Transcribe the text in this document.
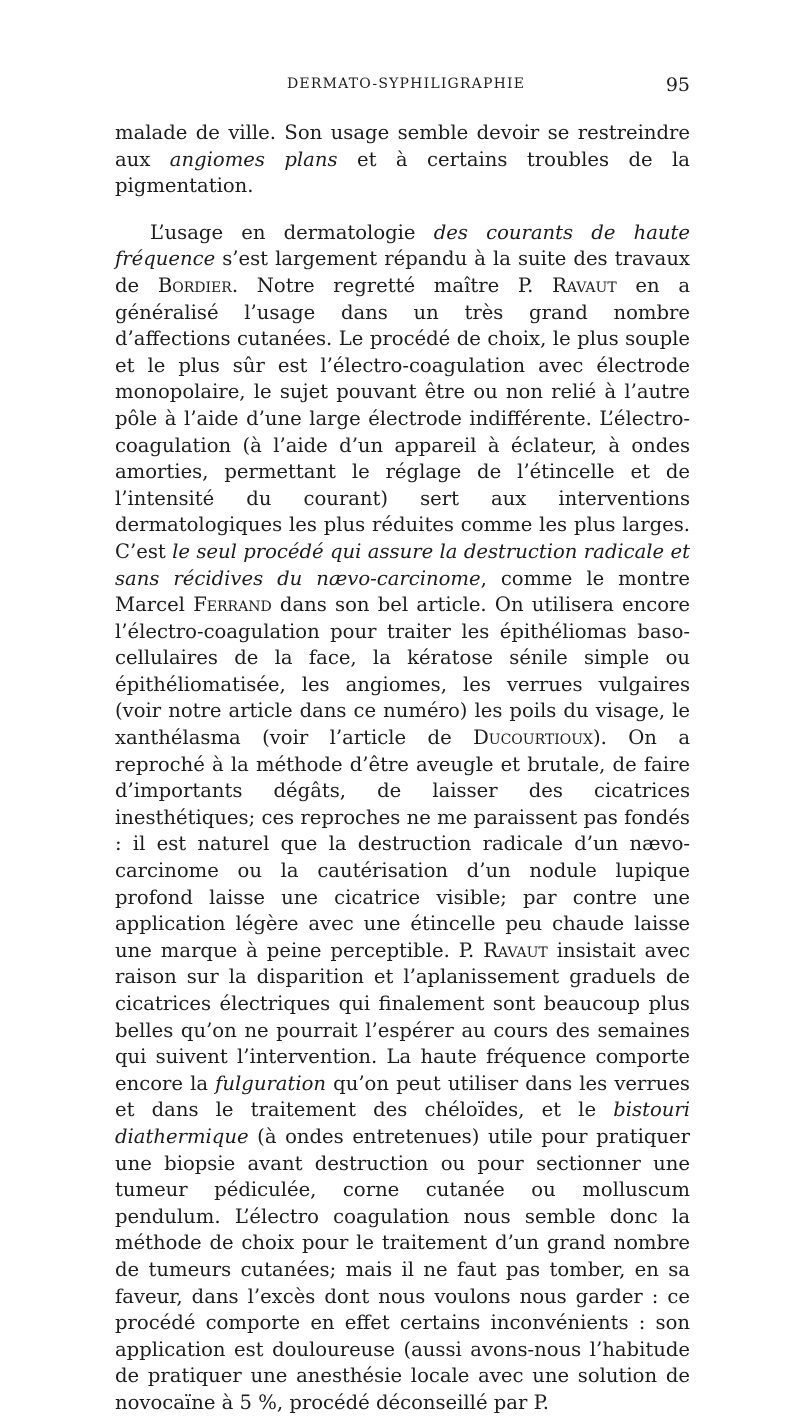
DERMATO-SYPHILIGRAPHIE	95

malade de ville. Son usage semble devoir se restreindre aux angiomes plans et à certains troubles de la pigmentation.

L’usage en dermatologie des courants de haute fréquence s’est largement répandu à la suite des travaux de Bordier. Notre regretté maître P. Ravaut en a généralisé l’usage dans un très grand nombre d’affections cutanées. Le procédé de choix, le plus souple et le plus sûr est l’électro-coagulation avec électrode monopolaire, le sujet pouvant être ou non relié à l’autre pôle à l’aide d’une large électrode indifférente. L’électro-coagulation (à l’aide d’un appareil à éclateur, à ondes amorties, permettant le réglage de l’étincelle et de l’intensité du courant) sert aux interventions dermatologiques les plus réduites comme les plus larges. C’est le seul procédé qui assure la destruction radicale et sans récidives du nævo-carcinome, comme le montre Marcel Ferrand dans son bel article. On utilisera encore l’électro-coagulation pour traiter les épithéliomas baso-cellulaires de la face, la kératose sénile simple ou épithéliomatisée, les angiomes, les verrues vulgaires (voir notre article dans ce numéro) les poils du visage, le xanthélasma (voir l’article de Ducourtioux). On a reproché à la méthode d’être aveugle et brutale, de faire d’importants dégâts, de laisser des cicatrices inesthétiques; ces reproches ne me paraissent pas fondés : il est naturel que la destruction radicale d’un nævo-carcinome ou la cautérisation d’un nodule lupique profond laisse une cicatrice visible; par contre une application légère avec une étincelle peu chaude laisse une marque à peine perceptible. P. Ravaut insistait avec raison sur la disparition et l’aplanissement graduels de cicatrices électriques qui finalement sont beaucoup plus belles qu’on ne pourrait l’espérer au cours des semaines qui suivent l’intervention. La haute fréquence comporte encore la fulguration qu’on peut utiliser dans les verrues et dans le traitement des chéloïdes, et le bistouri diathermique (à ondes entretenues) utile pour pratiquer une biopsie avant destruction ou pour sectionner une tumeur pédiculée, corne cutanée ou molluscum pendulum. L’électro coagulation nous semble donc la méthode de choix pour le traitement d’un grand nombre de tumeurs cutanées; mais il ne faut pas tomber, en sa faveur, dans l’excès dont nous voulons nous garder : ce procédé comporte en effet certains inconvénients : son application est douloureuse (aussi avons-nous l’habitude de pratiquer une anesthésie locale avec une solution de novocaïne à 5 %, procédé déconseillé par P.
